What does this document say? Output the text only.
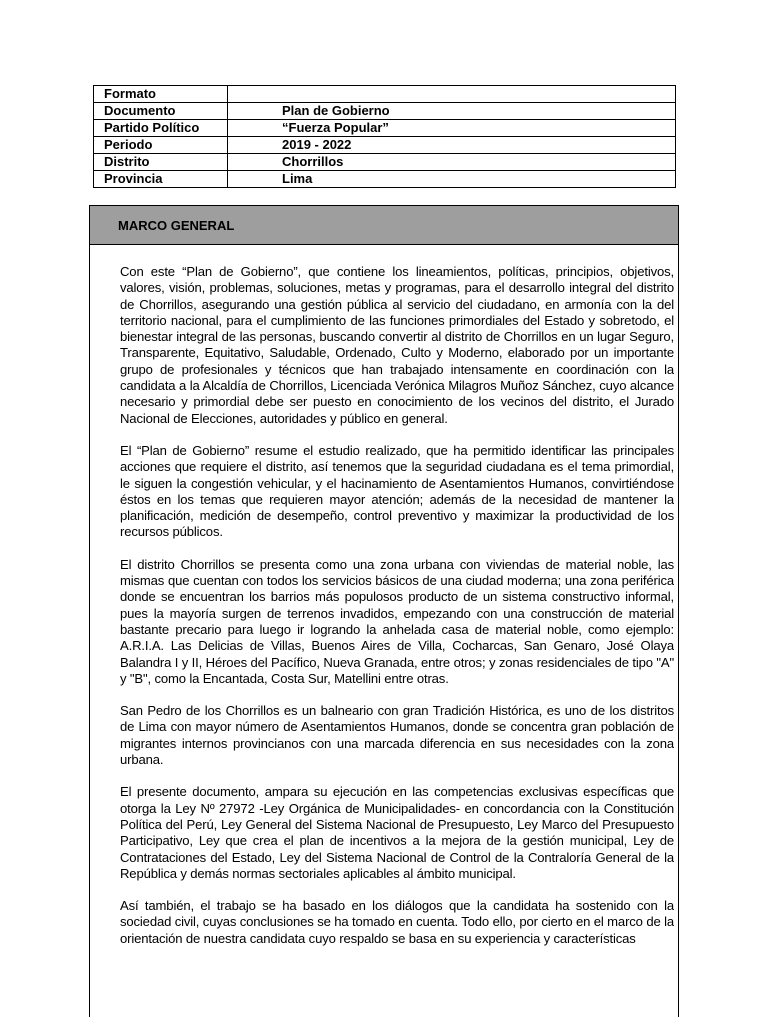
Formato	
Documento	Plan de Gobierno
Partido Político	“Fuerza Popular”
Periodo	2019 - 2022
Distrito	Chorrillos
Provincia	Lima
MARCO GENERAL

Con este “Plan de Gobierno”, que contiene los lineamientos, políticas, principios, objetivos, valores, visión, problemas, soluciones, metas y programas, para el desarrollo integral del distrito de Chorrillos, asegurando una gestión pública al servicio del ciudadano, en armonía con la del territorio nacional, para el cumplimiento de las funciones primordiales del Estado y sobretodo, el bienestar integral de las personas, buscando convertir al distrito de Chorrillos en un lugar Seguro, Transparente, Equitativo, Saludable, Ordenado, Culto y Moderno, elaborado por un importante grupo de profesionales y técnicos que han trabajado intensamente en coordinación con la candidata a la Alcaldía de Chorrillos, Licenciada Verónica Milagros Muñoz Sánchez, cuyo alcance necesario y primordial debe ser puesto en conocimiento de los vecinos del distrito, el Jurado Nacional de Elecciones, autoridades y público en general.

El “Plan de Gobierno” resume el estudio realizado, que ha permitido identificar las principales acciones que requiere el distrito, así tenemos que la seguridad ciudadana es el tema primordial, le siguen la congestión vehicular, y el hacinamiento de Asentamientos Humanos, convirtiéndose éstos en los temas que requieren mayor atención; además de la necesidad de mantener la planificación, medición de desempeño, control preventivo y maximizar la productividad de los recursos públicos.

El distrito Chorrillos se presenta como una zona urbana con viviendas de material noble, las mismas que cuentan con todos los servicios básicos de una ciudad moderna; una zona periférica donde se encuentran los barrios más populosos producto de un sistema constructivo informal, pues la mayoría surgen de terrenos invadidos, empezando con una construcción de material bastante precario para luego ir logrando la anhelada casa de material noble, como ejemplo: A.R.I.A. Las Delicias de Villas, Buenos Aires de Villa, Cocharcas, San Genaro, José Olaya Balandra I y II, Héroes del Pacífico, Nueva Granada, entre otros; y zonas residenciales de tipo "A" y "B", como la Encantada, Costa Sur, Matellini entre otras.

San Pedro de los Chorrillos es un balneario con gran Tradición Histórica, es uno de los distritos de Lima con mayor número de Asentamientos Humanos, donde se concentra gran población de migrantes internos provincianos con una marcada diferencia en sus necesidades con la zona urbana.

El presente documento, ampara su ejecución en las competencias exclusivas específicas que otorga la Ley Nº 27972 -Ley Orgánica de Municipalidades- en concordancia con la Constitución Política del Perú, Ley General del Sistema Nacional de Presupuesto, Ley Marco del Presupuesto Participativo, Ley que crea el plan de incentivos a la mejora de la gestión municipal, Ley de Contrataciones del Estado, Ley del Sistema Nacional de Control de la Contraloría General de la República y demás normas sectoriales aplicables al ámbito municipal.

Así también, el trabajo se ha basado en los diálogos que la candidata ha sostenido con la sociedad civil, cuyas conclusiones se ha tomado en cuenta. Todo ello, por cierto en el marco de la orientación de nuestra candidata cuyo respaldo se basa en su experiencia y características
